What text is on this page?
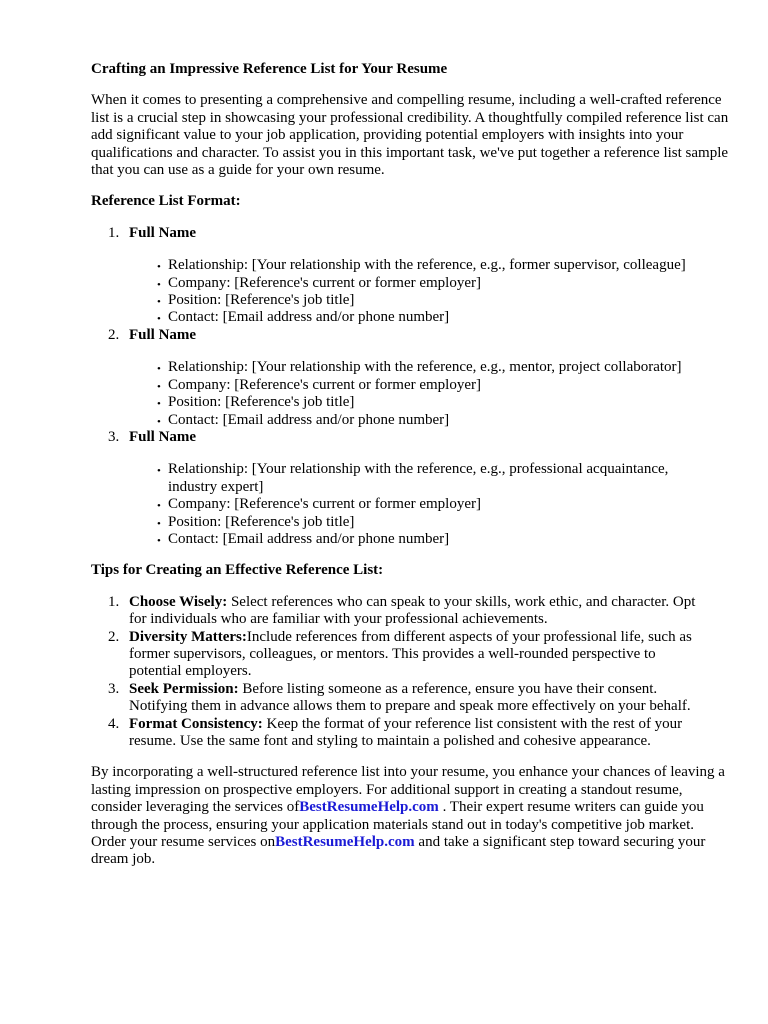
Crafting an Impressive Reference List for Your Resume

When it comes to presenting a comprehensive and compelling resume, including a well-crafted reference list is a crucial step in showcasing your professional credibility. A thoughtfully compiled reference list can add significant value to your job application, providing potential employers with insights into your qualifications and character. To assist you in this important task, we've put together a reference list sample that you can use as a guide for your own resume.

Reference List Format:

1. Full Name
• Relationship: [Your relationship with the reference, e.g., former supervisor, colleague]
• Company: [Reference's current or former employer]
• Position: [Reference's job title]
• Contact: [Email address and/or phone number]
2. Full Name
• Relationship: [Your relationship with the reference, e.g., mentor, project collaborator]
• Company: [Reference's current or former employer]
• Position: [Reference's job title]
• Contact: [Email address and/or phone number]
3. Full Name
• Relationship: [Your relationship with the reference, e.g., professional acquaintance, industry expert]
• Company: [Reference's current or former employer]
• Position: [Reference's job title]
• Contact: [Email address and/or phone number]

Tips for Creating an Effective Reference List:

1. Choose Wisely: Select references who can speak to your skills, work ethic, and character. Opt for individuals who are familiar with your professional achievements.
2. Diversity Matters:Include references from different aspects of your professional life, such as former supervisors, colleagues, or mentors. This provides a well-rounded perspective to potential employers.
3. Seek Permission: Before listing someone as a reference, ensure you have their consent. Notifying them in advance allows them to prepare and speak more effectively on your behalf.
4. Format Consistency: Keep the format of your reference list consistent with the rest of your resume. Use the same font and styling to maintain a polished and cohesive appearance.

By incorporating a well-structured reference list into your resume, you enhance your chances of leaving a lasting impression on prospective employers. For additional support in creating a standout resume, consider leveraging the services ofBestResumeHelp.com . Their expert resume writers can guide you through the process, ensuring your application materials stand out in today's competitive job market. Order your resume services onBestResumeHelp.com and take a significant step toward securing your dream job.
